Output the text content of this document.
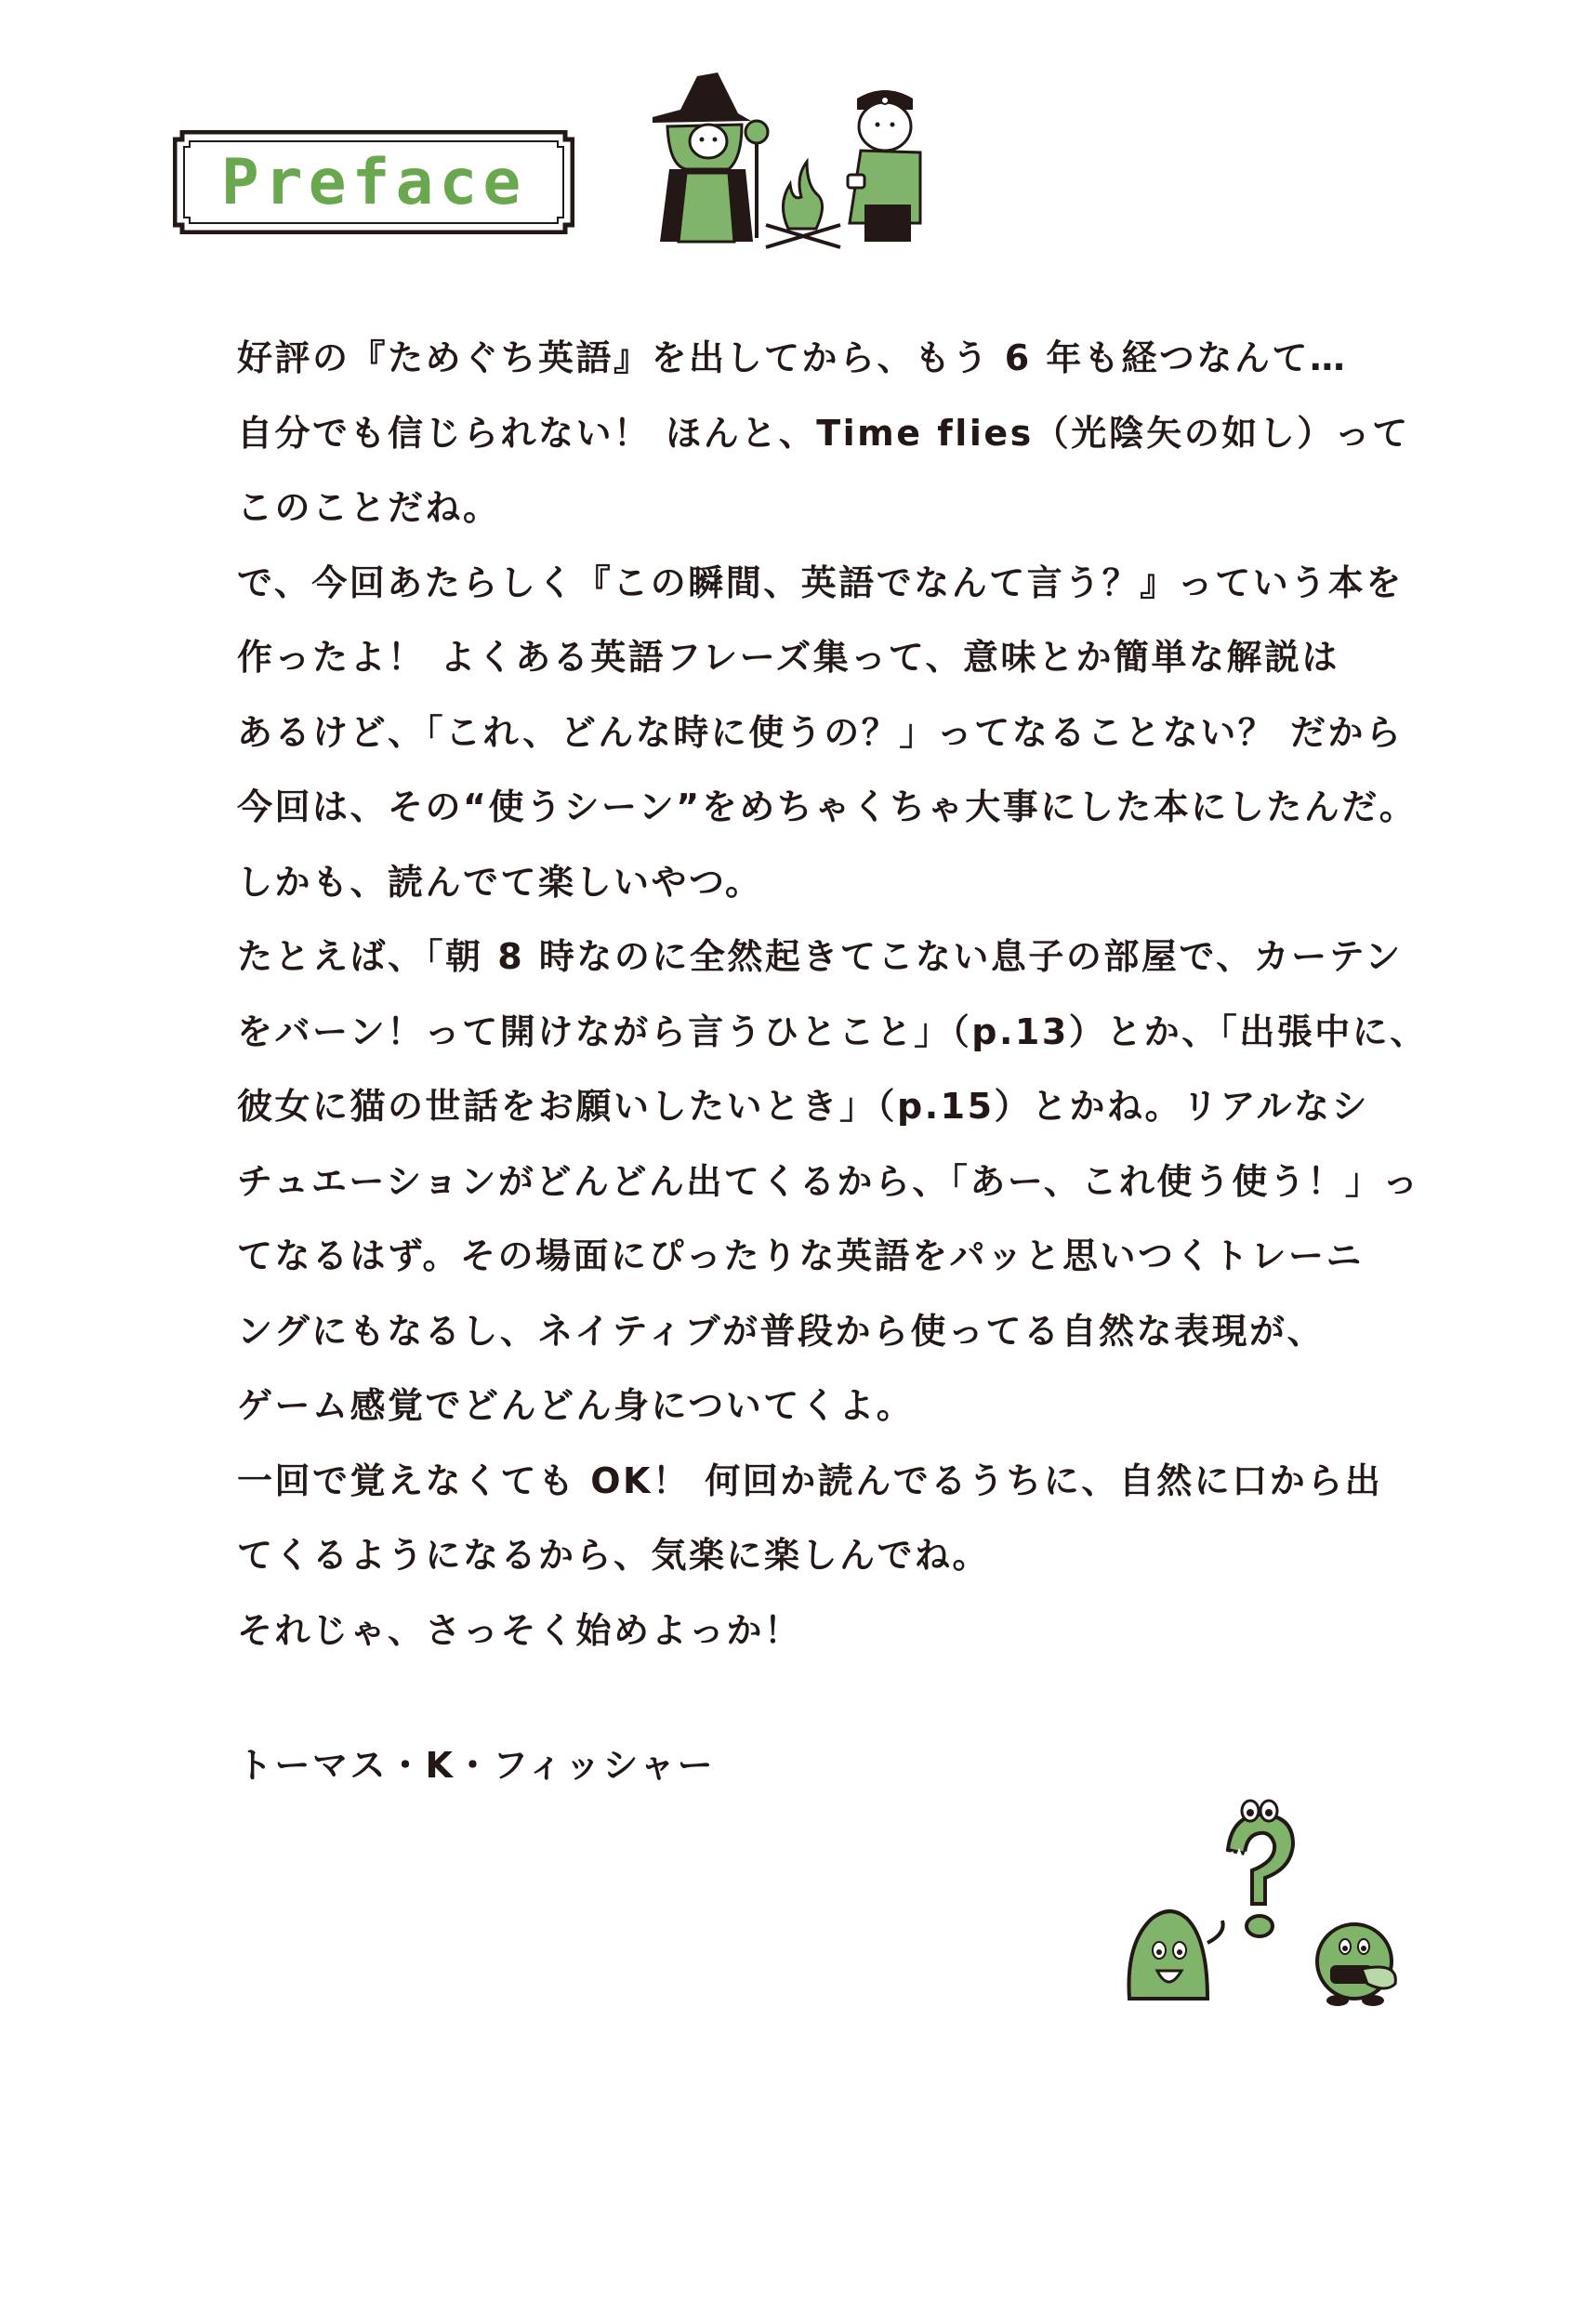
Preface
好評の『ためぐち英語』を出してから、もう 6 年も経つなんて…
自分でも信じられない！ ほんと、Time flies（光陰矢の如し）って
このことだね。
で、今回あたらしく『この瞬間、英語でなんて言う？』っていう本を
作ったよ！ よくある英語フレーズ集って、意味とか簡単な解説は
あるけど、「これ、どんな時に使うの？」ってなることない？ だから
今回は、その“使うシーン”をめちゃくちゃ大事にした本にしたんだ。
しかも、読んでて楽しいやつ。
たとえば、「朝 8 時なのに全然起きてこない息子の部屋で、カーテン
をバーン！って開けながら言うひとこと」（p.13）とか、「出張中に、
彼女に猫の世話をお願いしたいとき」（p.15）とかね。リアルなシ
チュエーションがどんどん出てくるから、「あー、これ使う使う！」っ
てなるはず。その場面にぴったりな英語をパッと思いつくトレーニ
ングにもなるし、ネイティブが普段から使ってる自然な表現が、
ゲーム感覚でどんどん身についてくよ。
一回で覚えなくても OK！ 何回か読んでるうちに、自然に口から出
てくるようになるから、気楽に楽しんでね。
それじゃ、さっそく始めよっか！
トーマス・K・フィッシャー
